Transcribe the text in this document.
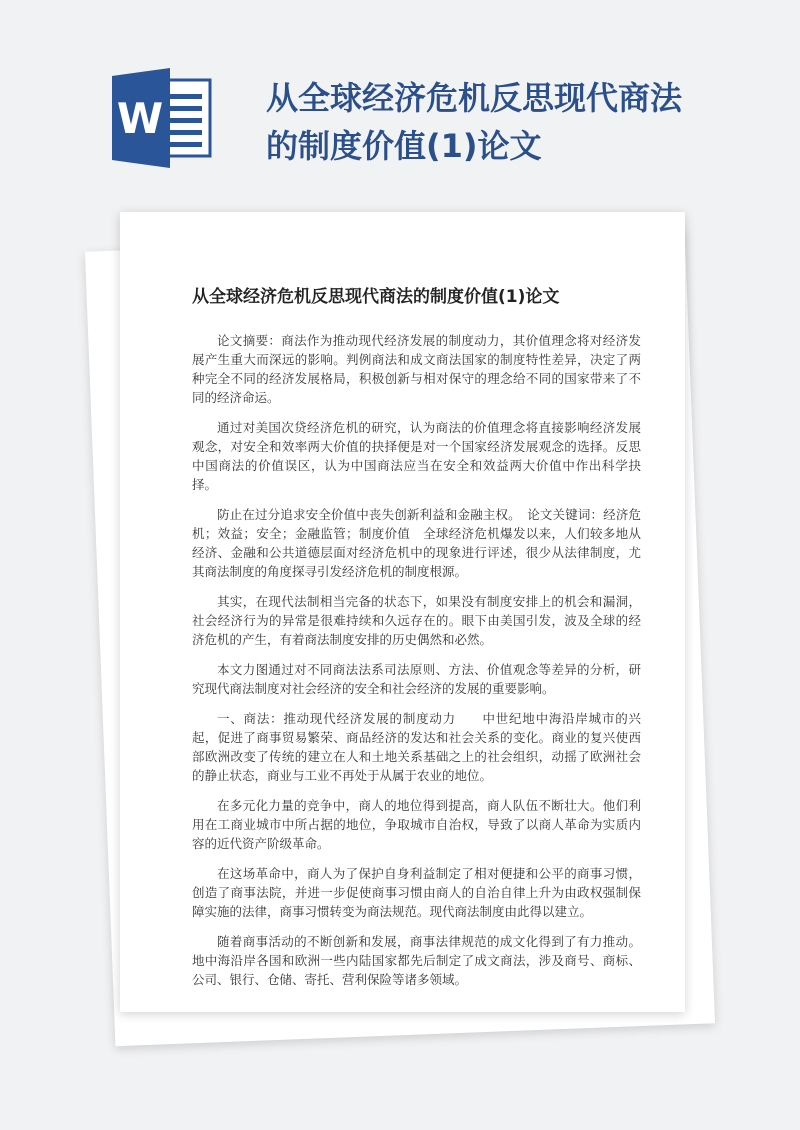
W	从全球经济危机反思现代商法
的制度价值(1)论文
从全球经济危机反思现代商法的制度价值(1)论文

论文摘要：商法作为推动现代经济发展的制度动力，其价值理念将对经济发展产生重大而深远的影响。判例商法和成文商法国家的制度特性差异，决定了两种完全不同的经济发展格局，积极创新与相对保守的理念给不同的国家带来了不同的经济命运。

通过对美国次贷经济危机的研究，认为商法的价值理念将直接影响经济发展观念，对安全和效率两大价值的抉择便是对一个国家经济发展观念的选择。反思中国商法的价值误区，认为中国商法应当在安全和效益两大价值中作出科学抉择。

防止在过分追求安全价值中丧失创新利益和金融主权。　论文关键词：经济危机；效益；安全；金融监管；制度价值　全球经济危机爆发以来，人们较多地从经济、金融和公共道德层面对经济危机中的现象进行评述，很少从法律制度，尤其商法制度的角度探寻引发经济危机的制度根源。

其实，在现代法制相当完备的状态下，如果没有制度安排上的机会和漏洞，社会经济行为的异常是很难持续和久远存在的。眼下由美国引发，波及全球的经济危机的产生，有着商法制度安排的历史偶然和必然。

本文力图通过对不同商法法系司法原则、方法、价值观念等差异的分析，研究现代商法制度对社会经济的安全和社会经济的发展的重要影响。

一、商法：推动现代经济发展的制度动力　　中世纪地中海沿岸城市的兴起，促进了商事贸易繁荣、商品经济的发达和社会关系的变化。商业的复兴使西部欧洲改变了传统的建立在人和土地关系基础之上的社会组织，动摇了欧洲社会的静止状态，商业与工业不再处于从属于农业的地位。

在多元化力量的竞争中，商人的地位得到提高，商人队伍不断壮大。他们利用在工商业城市中所占据的地位，争取城市自治权，导致了以商人革命为实质内容的近代资产阶级革命。

在这场革命中，商人为了保护自身利益制定了相对便捷和公平的商事习惯，创造了商事法院，并进一步促使商事习惯由商人的自治自律上升为由政权强制保障实施的法律，商事习惯转变为商法规范。现代商法制度由此得以建立。

随着商事活动的不断创新和发展，商事法律规范的成文化得到了有力推动。地中海沿岸各国和欧洲一些内陆国家都先后制定了成文商法，涉及商号、商标、公司、银行、仓储、寄托、营利保险等诸多领域。
